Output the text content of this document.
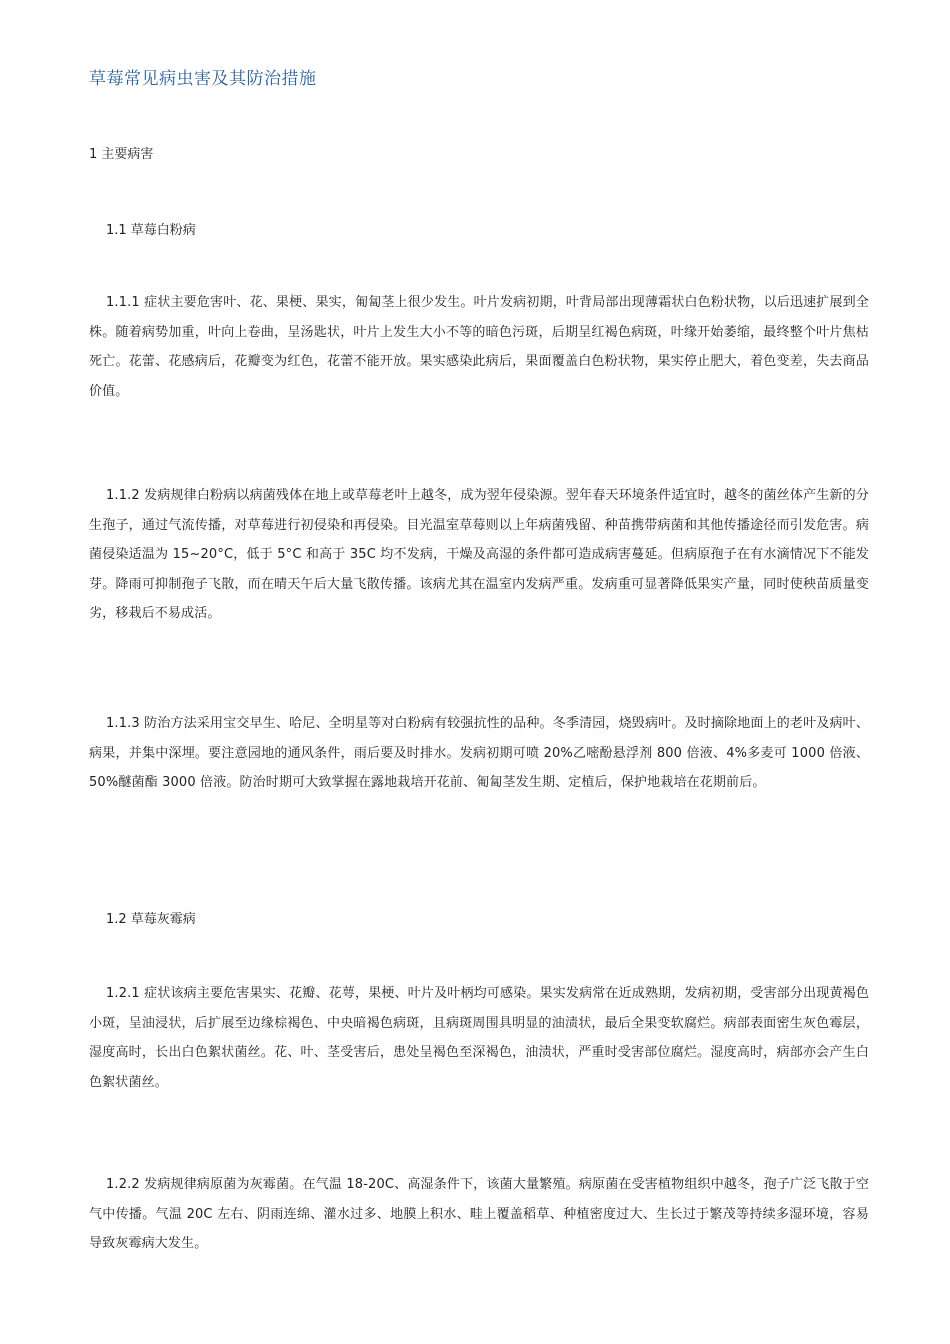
草莓常见病虫害及其防治措施
1 主要病害
1.1 草莓白粉病

1.1.1 症状主要危害叶、花、果梗、果实，匍匐茎上很少发生。叶片发病初期，叶背局部出现薄霜状白色粉状物，以后迅速扩展到全株。随着病势加重，叶向上卷曲，呈汤匙状，叶片上发生大小不等的暗色污斑，后期呈红褐色病斑，叶缘开始萎缩，最终整个叶片焦枯死亡。花蕾、花感病后，花瓣变为红色，花蕾不能开放。果实感染此病后，果面覆盖白色粉状物，果实停止肥大，着色变差，失去商品价值。

1.1.2 发病规律白粉病以病菌残体在地上或草莓老叶上越冬，成为翌年侵染源。翌年春天环境条件适宜时，越冬的菌丝体产生新的分生孢子，通过气流传播，对草莓进行初侵染和再侵染。目光温室草莓则以上年病菌残留、种苗携带病菌和其他传播途径而引发危害。病菌侵染适温为 15~20°C，低于 5°C 和高于 35C 均不发病，干燥及高湿的条件都可造成病害蔓延。但病原孢子在有水滴情况下不能发芽。降雨可抑制孢子飞散，而在晴天午后大量飞散传播。该病尤其在温室内发病严重。发病重可显著降低果实产量，同时使秧苗质量变劣，移栽后不易成活。

1.1.3 防治方法采用宝交早生、哈尼、全明星等对白粉病有较强抗性的品种。冬季清园，烧毁病叶。及时摘除地面上的老叶及病叶、病果，并集中深埋。要注意园地的通风条件，雨后要及时排水。发病初期可喷 20%乙嘧酚悬浮剂 800 倍液、4%多麦可 1000 倍液、50%醚菌酯 3000 倍液。防治时期可大致掌握在露地栽培开花前、匍匐茎发生期、定植后，保护地栽培在花期前后。

1.2 草莓灰霉病

1.2.1 症状该病主要危害果实、花瓣、花萼，果梗、叶片及叶柄均可感染。果实发病常在近成熟期，发病初期，受害部分出现黄褐色小斑，呈油浸状，后扩展至边缘棕褐色、中央暗褐色病斑，且病斑周围具明显的油渍状，最后全果变软腐烂。病部表面密生灰色霉层，湿度高时，长出白色絮状菌丝。花、叶、茎受害后，患处呈褐色至深褐色，油渍状，严重时受害部位腐烂。湿度高时，病部亦会产生白色絮状菌丝。

1.2.2 发病规律病原菌为灰霉菌。在气温 18-20C、高湿条件下，该菌大量繁殖。病原菌在受害植物组织中越冬，孢子广泛飞散于空气中传播。气温 20C 左右、阴雨连绵、灌水过多、地膜上积水、畦上覆盖稻草、种植密度过大、生长过于繁茂等持续多湿环境，容易导致灰霉病大发生。
